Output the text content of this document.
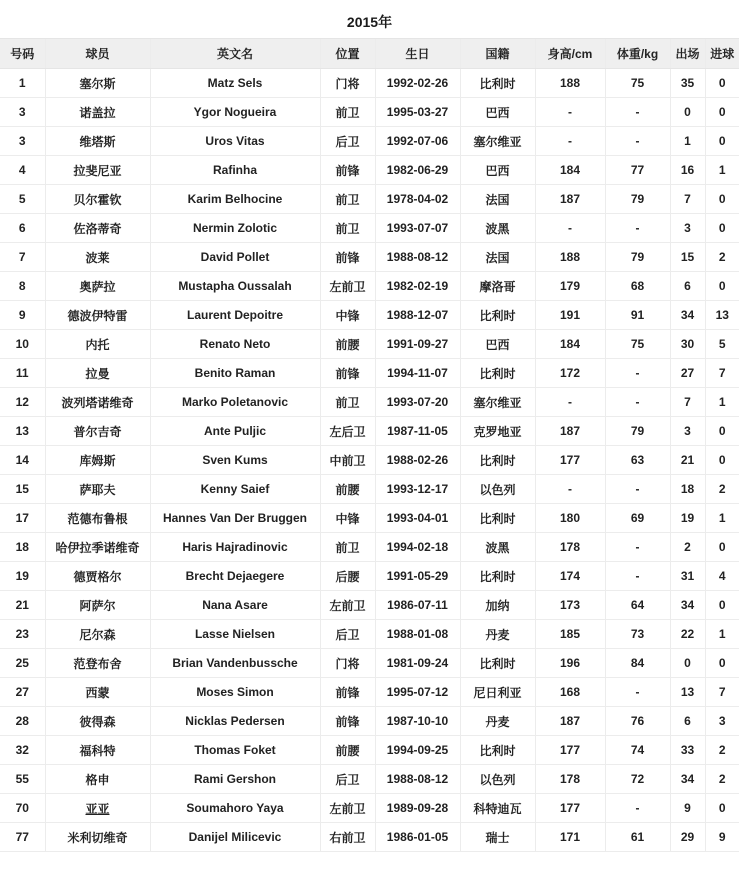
2015年
号码	球员	英文名	位置	生日	国籍	身高/cm	体重/kg	出场	进球
1	塞尔斯	Matz Sels	门将	1992-02-26	比利时	188	75	35	0
3	诺盖拉	Ygor Nogueira	前卫	1995-03-27	巴西	-	-	0	0
3	维塔斯	Uros Vitas	后卫	1992-07-06	塞尔维亚	-	-	1	0
4	拉斐尼亚	Rafinha	前锋	1982-06-29	巴西	184	77	16	1
5	贝尔霍钦	Karim Belhocine	前卫	1978-04-02	法国	187	79	7	0
6	佐洛蒂奇	Nermin Zolotic	前卫	1993-07-07	波黑	-	-	3	0
7	波莱	David Pollet	前锋	1988-08-12	法国	188	79	15	2
8	奥萨拉	Mustapha Oussalah	左前卫	1982-02-19	摩洛哥	179	68	6	0
9	德波伊特雷	Laurent Depoitre	中锋	1988-12-07	比利时	191	91	34	13
10	内托	Renato Neto	前腰	1991-09-27	巴西	184	75	30	5
11	拉曼	Benito Raman	前锋	1994-11-07	比利时	172	-	27	7
12	波列塔诺维奇	Marko Poletanovic	前卫	1993-07-20	塞尔维亚	-	-	7	1
13	普尔吉奇	Ante Puljic	左后卫	1987-11-05	克罗地亚	187	79	3	0
14	库姆斯	Sven Kums	中前卫	1988-02-26	比利时	177	63	21	0
15	萨耶夫	Kenny Saief	前腰	1993-12-17	以色列	-	-	18	2
17	范德布鲁根	Hannes Van Der Bruggen	中锋	1993-04-01	比利时	180	69	19	1
18	哈伊拉季诺维奇	Haris Hajradinovic	前卫	1994-02-18	波黑	178	-	2	0
19	德贾格尔	Brecht Dejaegere	后腰	1991-05-29	比利时	174	-	31	4
21	阿萨尔	Nana Asare	左前卫	1986-07-11	加纳	173	64	34	0
23	尼尔森	Lasse Nielsen	后卫	1988-01-08	丹麦	185	73	22	1
25	范登布舍	Brian Vandenbussche	门将	1981-09-24	比利时	196	84	0	0
27	西蒙	Moses Simon	前锋	1995-07-12	尼日利亚	168	-	13	7
28	彼得森	Nicklas Pedersen	前锋	1987-10-10	丹麦	187	76	6	3
32	福科特	Thomas Foket	前腰	1994-09-25	比利时	177	74	33	2
55	格申	Rami Gershon	后卫	1988-08-12	以色列	178	72	34	2
70	亚亚	Soumahoro Yaya	左前卫	1989-09-28	科特迪瓦	177	-	9	0
77	米利切维奇	Danijel Milicevic	右前卫	1986-01-05	瑞士	171	61	29	9
